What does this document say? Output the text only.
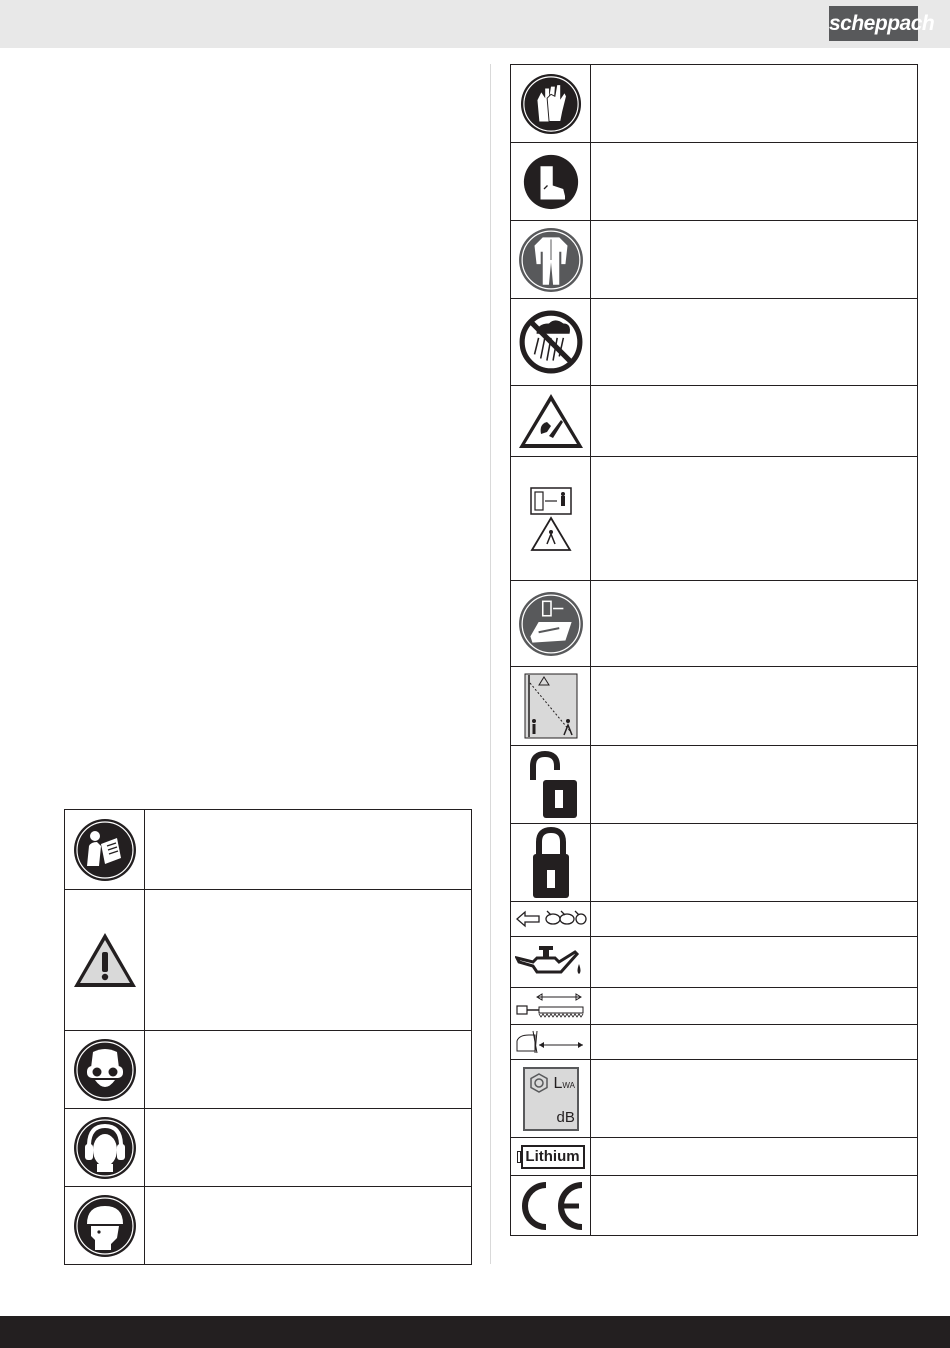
scheppach

LWA
dB	

Lithium	
